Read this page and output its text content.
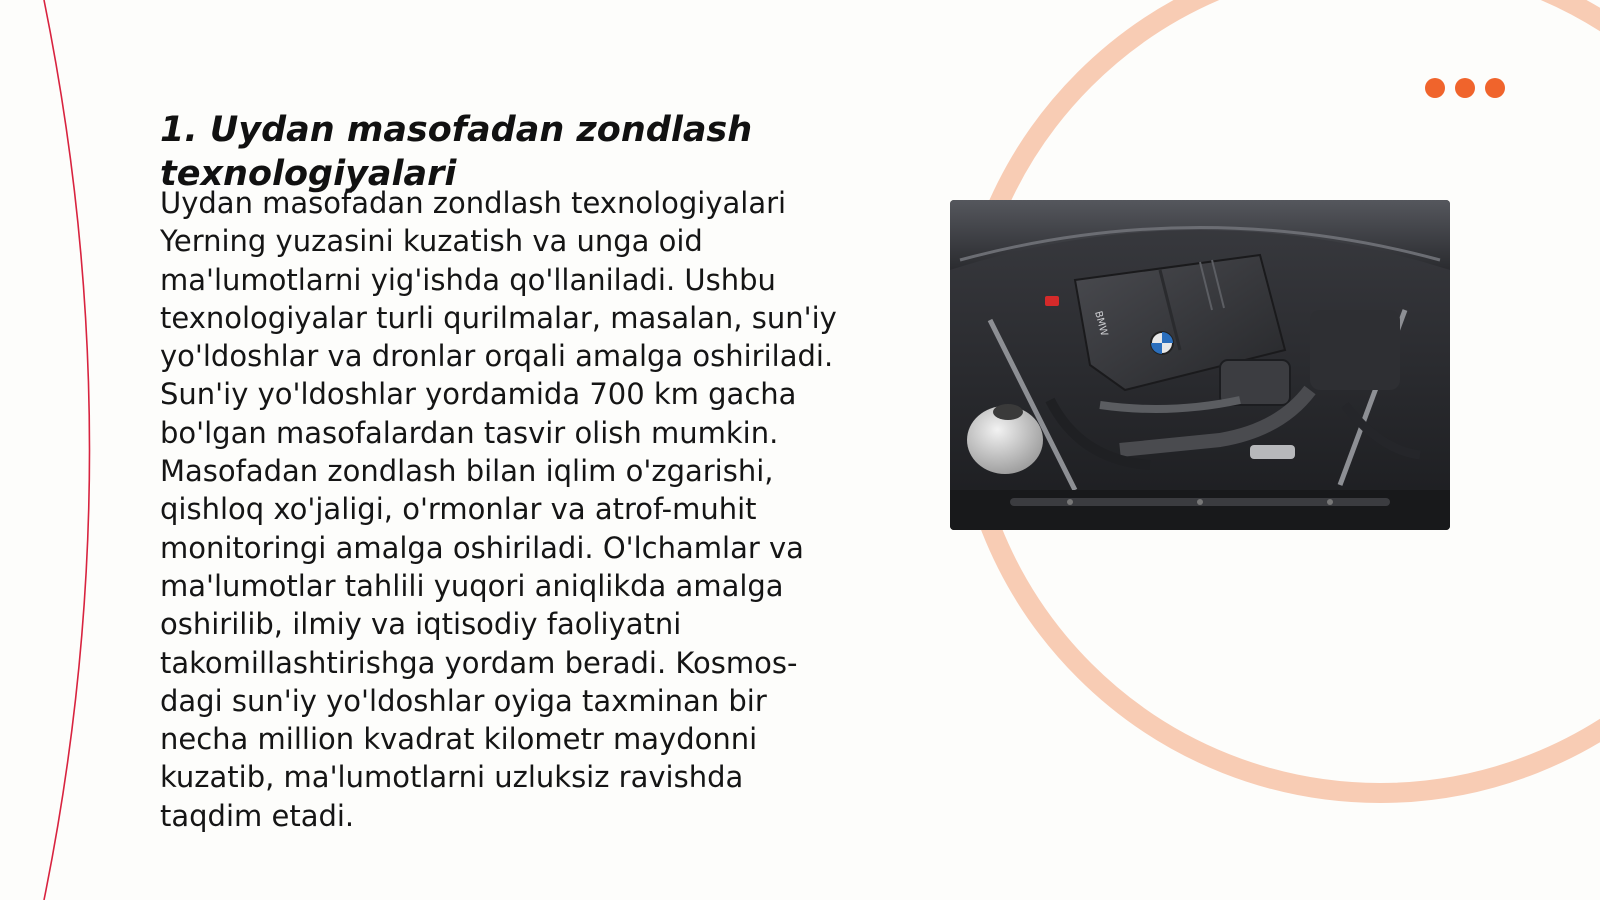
1. Uydan masofadan zondlash texnologiyalari

Uydan masofadan zondlash texnologiyalari Yerning yuzasini kuzatish va unga oid ma'lumotlarni yig'ishda qo'llaniladi. Ushbu texnologiyalar turli qurilmalar, masalan, sun'iy yo'ldoshlar va dronlar orqali amalga oshiriladi. Sun'iy yo'ldoshlar yordamida 700 km gacha bo'lgan masofalardan tasvir olish mumkin. Masofadan zondlash bilan iqlim o'zgarishi, qishloq xo'jaligi, o'rmonlar va atrof-muhit monitoringi amalga oshiriladi. O'lchamlar va ma'lumotlar tahlili yuqori aniqlikda amalga oshirilib, ilmiy va iqtisodiy faoliyatni takomillashtirishga yordam beradi. Kosmos-dagi sun'iy yo'ldoshlar oyiga taxminan bir necha million kvadrat kilometr maydonni kuzatib, ma'lumotlarni uzluksiz ravishda taqdim etadi.

BMW
